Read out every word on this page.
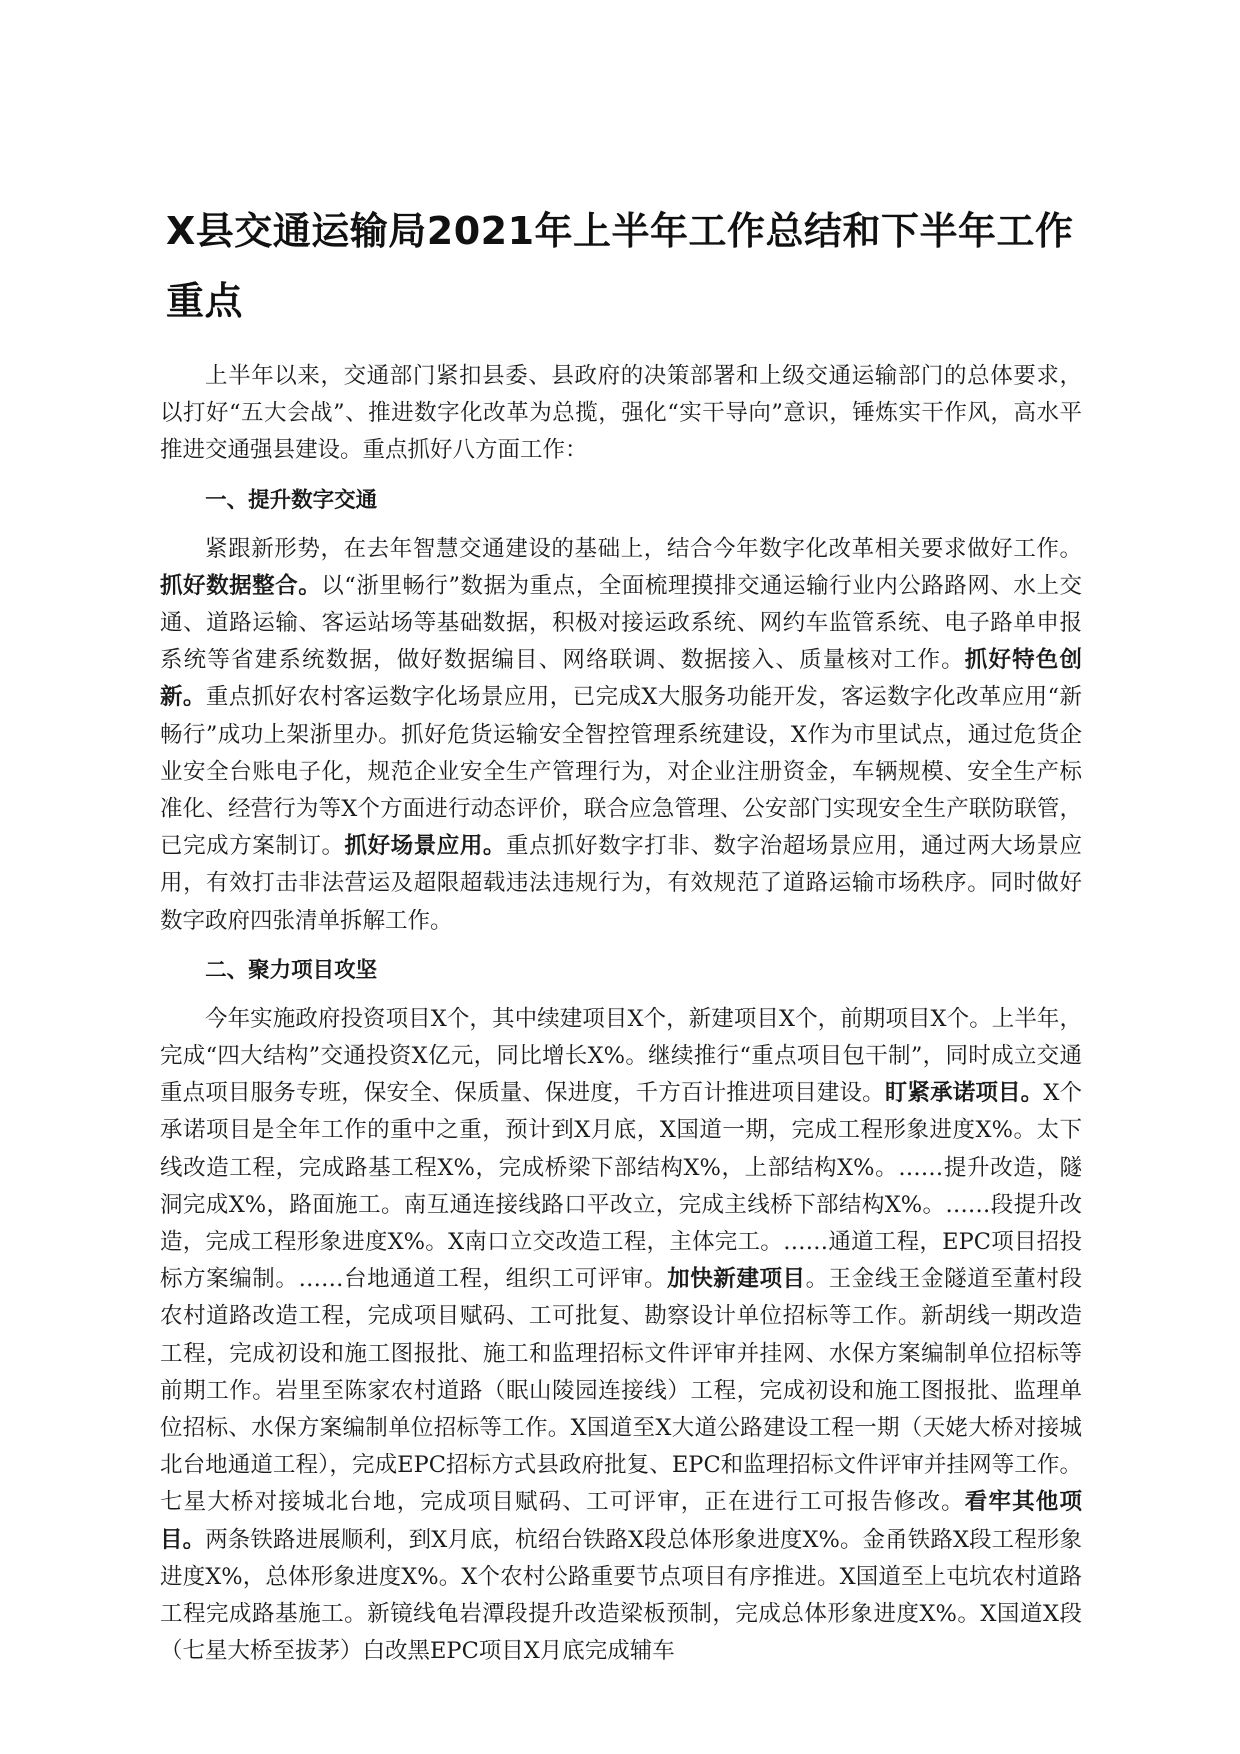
X县交通运输局2021年上半年工作总结和下半年工作重点

上半年以来，交通部门紧扣县委、县政府的决策部署和上级交通运输部门的总体要求，以打好“五大会战”、推进数字化改革为总揽，强化“实干导向”意识，锤炼实干作风，高水平推进交通强县建设。重点抓好八方面工作：

一、提升数字交通

紧跟新形势，在去年智慧交通建设的基础上，结合今年数字化改革相关要求做好工作。抓好数据整合。以“浙里畅行”数据为重点，全面梳理摸排交通运输行业内公路路网、水上交通、道路运输、客运站场等基础数据，积极对接运政系统、网约车监管系统、电子路单申报系统等省建系统数据，做好数据编目、网络联调、数据接入、质量核对工作。抓好特色创新。重点抓好农村客运数字化场景应用，已完成X大服务功能开发，客运数字化改革应用“新畅行”成功上架浙里办。抓好危货运输安全智控管理系统建设，X作为市里试点，通过危货企业安全台账电子化，规范企业安全生产管理行为，对企业注册资金，车辆规模、安全生产标准化、经营行为等X个方面进行动态评价，联合应急管理、公安部门实现安全生产联防联管，已完成方案制订。抓好场景应用。重点抓好数字打非、数字治超场景应用，通过两大场景应用，有效打击非法营运及超限超载违法违规行为，有效规范了道路运输市场秩序。同时做好数字政府四张清单拆解工作。

二、聚力项目攻坚

今年实施政府投资项目X个，其中续建项目X个，新建项目X个，前期项目X个。上半年，完成“四大结构”交通投资X亿元，同比增长X%。继续推行“重点项目包干制”，同时成立交通重点项目服务专班，保安全、保质量、保进度，千方百计推进项目建设。盯紧承诺项目。X个承诺项目是全年工作的重中之重，预计到X月底，X国道一期，完成工程形象进度X%。太下线改造工程，完成路基工程X%，完成桥梁下部结构X%，上部结构X%。……提升改造，隧洞完成X%，路面施工。南互通连接线路口平改立，完成主线桥下部结构X%。……段提升改造，完成工程形象进度X%。X南口立交改造工程，主体完工。……通道工程，EPC项目招投标方案编制。……台地通道工程，组织工可评审。加快新建项目。王金线王金隧道至董村段农村道路改造工程，完成项目赋码、工可批复、勘察设计单位招标等工作。新胡线一期改造工程，完成初设和施工图报批、施工和监理招标文件评审并挂网、水保方案编制单位招标等前期工作。岩里至陈家农村道路（眠山陵园连接线）工程，完成初设和施工图报批、监理单位招标、水保方案编制单位招标等工作。X国道至X大道公路建设工程一期（天姥大桥对接城北台地通道工程），完成EPC招标方式县政府批复、EPC和监理招标文件评审并挂网等工作。七星大桥对接城北台地，完成项目赋码、工可评审，正在进行工可报告修改。看牢其他项目。两条铁路进展顺利，到X月底，杭绍台铁路X段总体形象进度X%。金甬铁路X段工程形象进度X%，总体形象进度X%。X个农村公路重要节点项目有序推进。X国道至上屯坑农村道路工程完成路基施工。新镜线龟岩潭段提升改造梁板预制，完成总体形象进度X%。X国道X段（七星大桥至拔茅）白改黑EPC项目X月底完成辅车
